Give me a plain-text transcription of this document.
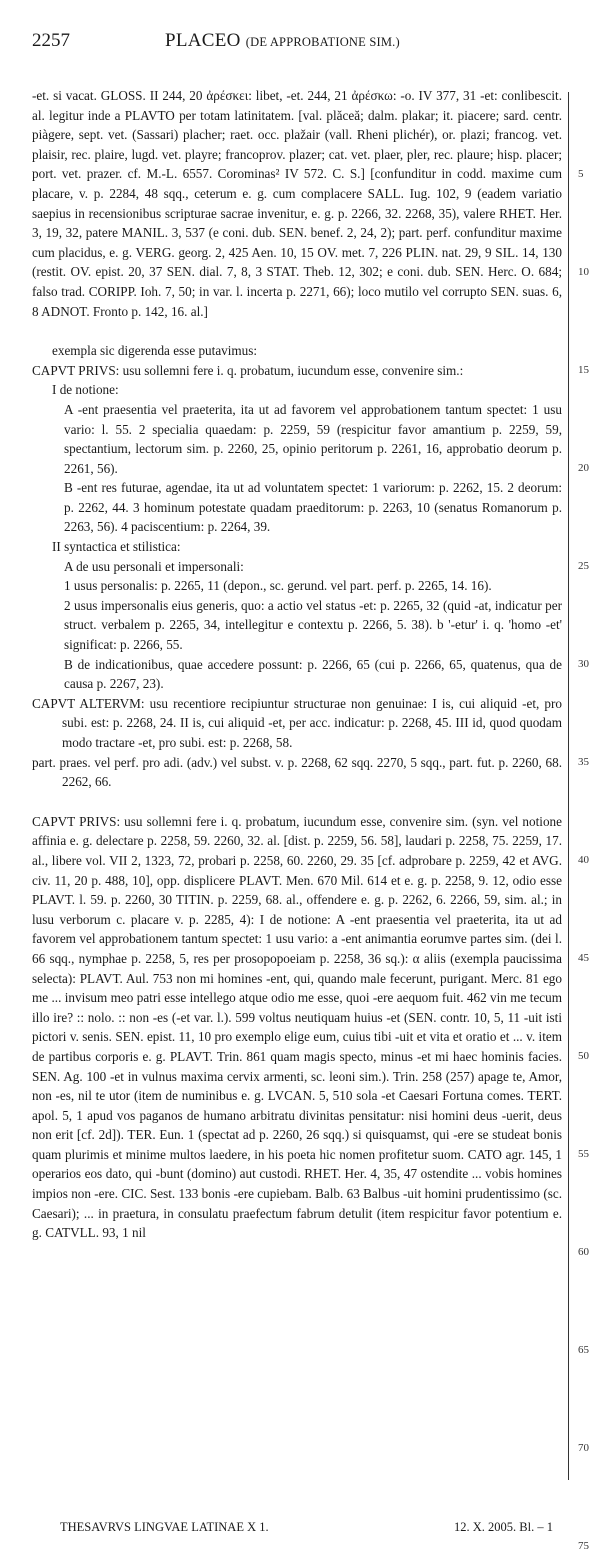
2257	PLACEO (DE APPROBATIONE SIM.)

-et. si vacat. GLOSS. II 244, 20 ἀρέσκει: libet, -et. 244, 21 ἀρέσκω: -o. IV 377, 31 -et: conlibescit. al. legitur inde a PLAVTO per totam latinitatem. [val. plăceă; dalm. plakar; it. piacere; sard. centr. piàgere, sept. vet. (Sassari) placher; raet. occ. plažair (vall. Rheni plichér), or. plazi; francog. vet. plaisir, rec. plaire, lugd. vet. playre; francoprov. plazer; cat. vet. plaer, pler, rec. plaure; hisp. placer; port. vet. prazer. cf. M.-L. 6557. Corominas² IV 572. C. S.] [confunditur in codd. maxime cum placare, v. p. 2284, 48 sqq., ceterum e. g. cum complacere SALL. Iug. 102, 9 (eadem variatio saepius in recensionibus scripturae sacrae invenitur, e. g. p. 2266, 32. 2268, 35), valere RHET. Her. 3, 19, 32, patere MANIL. 3, 537 (e coni. dub. SEN. benef. 2, 24, 2); part. perf. confunditur maxime cum placidus, e. g. VERG. georg. 2, 425 Aen. 10, 15 OV. met. 7, 226 PLIN. nat. 29, 9 SIL. 14, 130 (restit. OV. epist. 20, 37 SEN. dial. 7, 8, 3 STAT. Theb. 12, 302; e coni. dub. SEN. Herc. O. 684; falso trad. CORIPP. Ioh. 7, 50; in var. l. incerta p. 2271, 66); loco mutilo vel corrupto SEN. suas. 6, 8 ADNOT. Fronto p. 142, 16. al.]

exempla sic digerenda esse putavimus:

CAPVT PRIVS: usu sollemni fere i. q. probatum, iucundum esse, convenire sim.:

I de notione:

A -ent praesentia vel praeterita, ita ut ad favorem vel approbationem tantum spectet: 1 usu vario: l. 55. 2 specialia quaedam: p. 2259, 59 (respicitur favor amantium p. 2259, 59, spectantium, lectorum sim. p. 2260, 25, opinio peritorum p. 2261, 16, approbatio deorum p. 2261, 56).

B -ent res futurae, agendae, ita ut ad voluntatem spectet: 1 variorum: p. 2262, 15. 2 deorum: p. 2262, 44. 3 hominum potestate quadam praeditorum: p. 2263, 10 (senatus Romanorum p. 2263, 56). 4 paciscentium: p. 2264, 39.

II syntactica et stilistica:

A de usu personali et impersonali:

1 usus personalis: p. 2265, 11 (depon., sc. gerund. vel part. perf. p. 2265, 14. 16).

2 usus impersonalis eius generis, quo: a actio vel status -et: p. 2265, 32 (quid -at, indicatur per struct. verbalem p. 2265, 34, intellegitur e contextu p. 2266, 5. 38). b '-etur' i. q. 'homo -et' significat: p. 2266, 55.

B de indicationibus, quae accedere possunt: p. 2266, 65 (cui p. 2266, 65, quatenus, qua de causa p. 2267, 23).

CAPVT ALTERVM: usu recentiore recipiuntur structurae non genuinae: I is, cui aliquid -et, pro subi. est: p. 2268, 24. II is, cui aliquid -et, per acc. indicatur: p. 2268, 45. III id, quod quodam modo tractare -et, pro subi. est: p. 2268, 58.

part. praes. vel perf. pro adi. (adv.) vel subst. v. p. 2268, 62 sqq. 2270, 5 sqq., part. fut. p. 2260, 68. 2262, 66.

CAPVT PRIVS: usu sollemni fere i. q. probatum, iucundum esse, convenire sim. (syn. vel notione affinia e. g. delectare p. 2258, 59. 2260, 32. al. [dist. p. 2259, 56. 58], laudari p. 2258, 75. 2259, 17. al., libere vol. VII 2, 1323, 72, probari p. 2258, 60. 2260, 29. 35 [cf. adprobare p. 2259, 42 et AVG. civ. 11, 20 p. 488, 10], opp. displicere PLAVT. Men. 670 Mil. 614 et e. g. p. 2258, 9. 12, odio esse PLAVT. l. 59. p. 2260, 30 TITIN. p. 2259, 68. al., offendere e. g. p. 2262, 6. 2266, 59, sim. al.; in lusu verborum c. placare v. p. 2285, 4): I de notione: A -ent praesentia vel praeterita, ita ut ad favorem vel approbationem tantum spectet: 1 usu vario: a -ent animantia eorumve partes sim. (dei l. 66 sqq., nymphae p. 2258, 5, res per prosopopoeiam p. 2258, 36 sq.): α aliis (exempla paucissima selecta): PLAVT. Aul. 753 non mi homines -ent, qui, quando male fecerunt, purigant. Merc. 81 ego me ... invisum meo patri esse intellego atque odio me esse, quoi -ere aequom fuit. 462 vin me tecum illo ire? :: nolo. :: non -es (-et var. l.). 599 voltus neutiquam huius -et (SEN. contr. 10, 5, 11 -uit isti pictori v. senis. SEN. epist. 11, 10 pro exemplo elige eum, cuius tibi -uit et vita et oratio et ... v. item de partibus corporis e. g. PLAVT. Trin. 861 quam magis specto, minus -et mi haec hominis facies. SEN. Ag. 100 -et in vulnus maxima cervix armenti, sc. leoni sim.). Trin. 258 (257) apage te, Amor, non -es, nil te utor (item de numinibus e. g. LVCAN. 5, 510 sola -et Caesari Fortuna comes. TERT. apol. 5, 1 apud vos paganos de humano arbitratu divinitas pensitatur: nisi homini deus -uerit, deus non erit [cf. 2d]). TER. Eun. 1 (spectat ad p. 2260, 26 sqq.) si quisquamst, qui -ere se studeat bonis quam plurimis et minime multos laedere, in his poeta hic nomen profitetur suom. CATO agr. 145, 1 operarios eos dato, qui -bunt (domino) aut custodi. RHET. Her. 4, 35, 47 ostendite ... vobis homines impios non -ere. CIC. Sest. 133 bonis -ere cupiebam. Balb. 63 Balbus -uit homini prudentissimo (sc. Caesari); ... in praetura, in consulatu praefectum fabrum detulit (item respicitur favor potentium e. g. CATVLL. 93, 1 nil

5
10
15
20
25
30
35
40
45
50
55
60
65
70
75
THESAVRVS LINGVAE LATINAE X 1.	12. X. 2005. Bl. – 1
